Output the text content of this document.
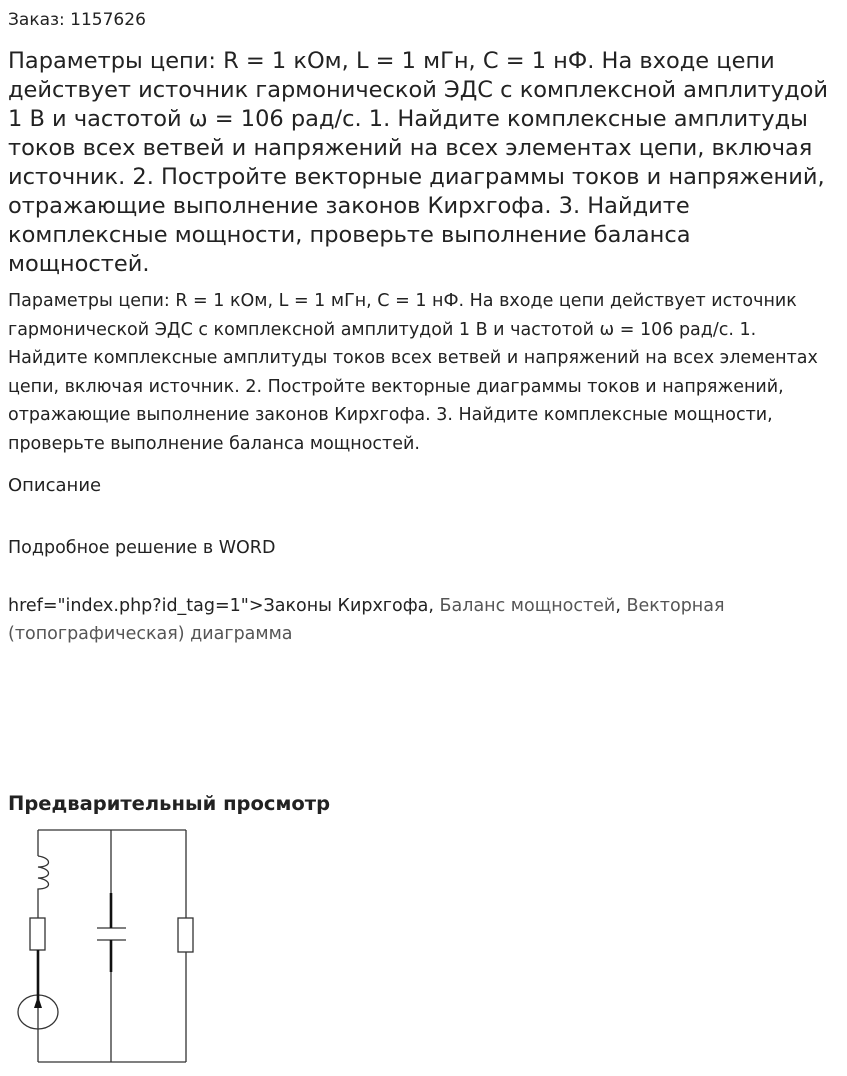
Заказ: 1157626
Параметры цепи: R = 1 кОм, L = 1 мГн, C = 1 нФ. На входе цепи действует источник гармонической ЭДС с комплексной амплитудой 1 В и частотой ω = 106 рад/с. 1. Найдите комплексные амплитуды токов всех ветвей и напряжений на всех элементах цепи, включая источник. 2. Постройте векторные диаграммы токов и напряжений, отражающие выполнение законов Кирхгофа. 3. Найдите комплексные мощности, проверьте выполнение баланса мощностей.

Параметры цепи: R = 1 кОм, L = 1 мГн, C = 1 нФ. На входе цепи действует источник гармонической ЭДС с комплексной амплитудой 1 В и частотой ω = 106 рад/с. 1. Найдите комплексные амплитуды токов всех ветвей и напряжений на всех элементах цепи, включая источник. 2. Постройте векторные диаграммы токов и напряжений, отражающие выполнение законов Кирхгофа. 3. Найдите комплексные мощности, проверьте выполнение баланса мощностей.

Описание
Подробное решение в WORD
href="index.php?id_tag=1">Законы Кирхгофа, Баланс мощностей, Векторная (топографическая) диаграмма
Предварительный просмотр
